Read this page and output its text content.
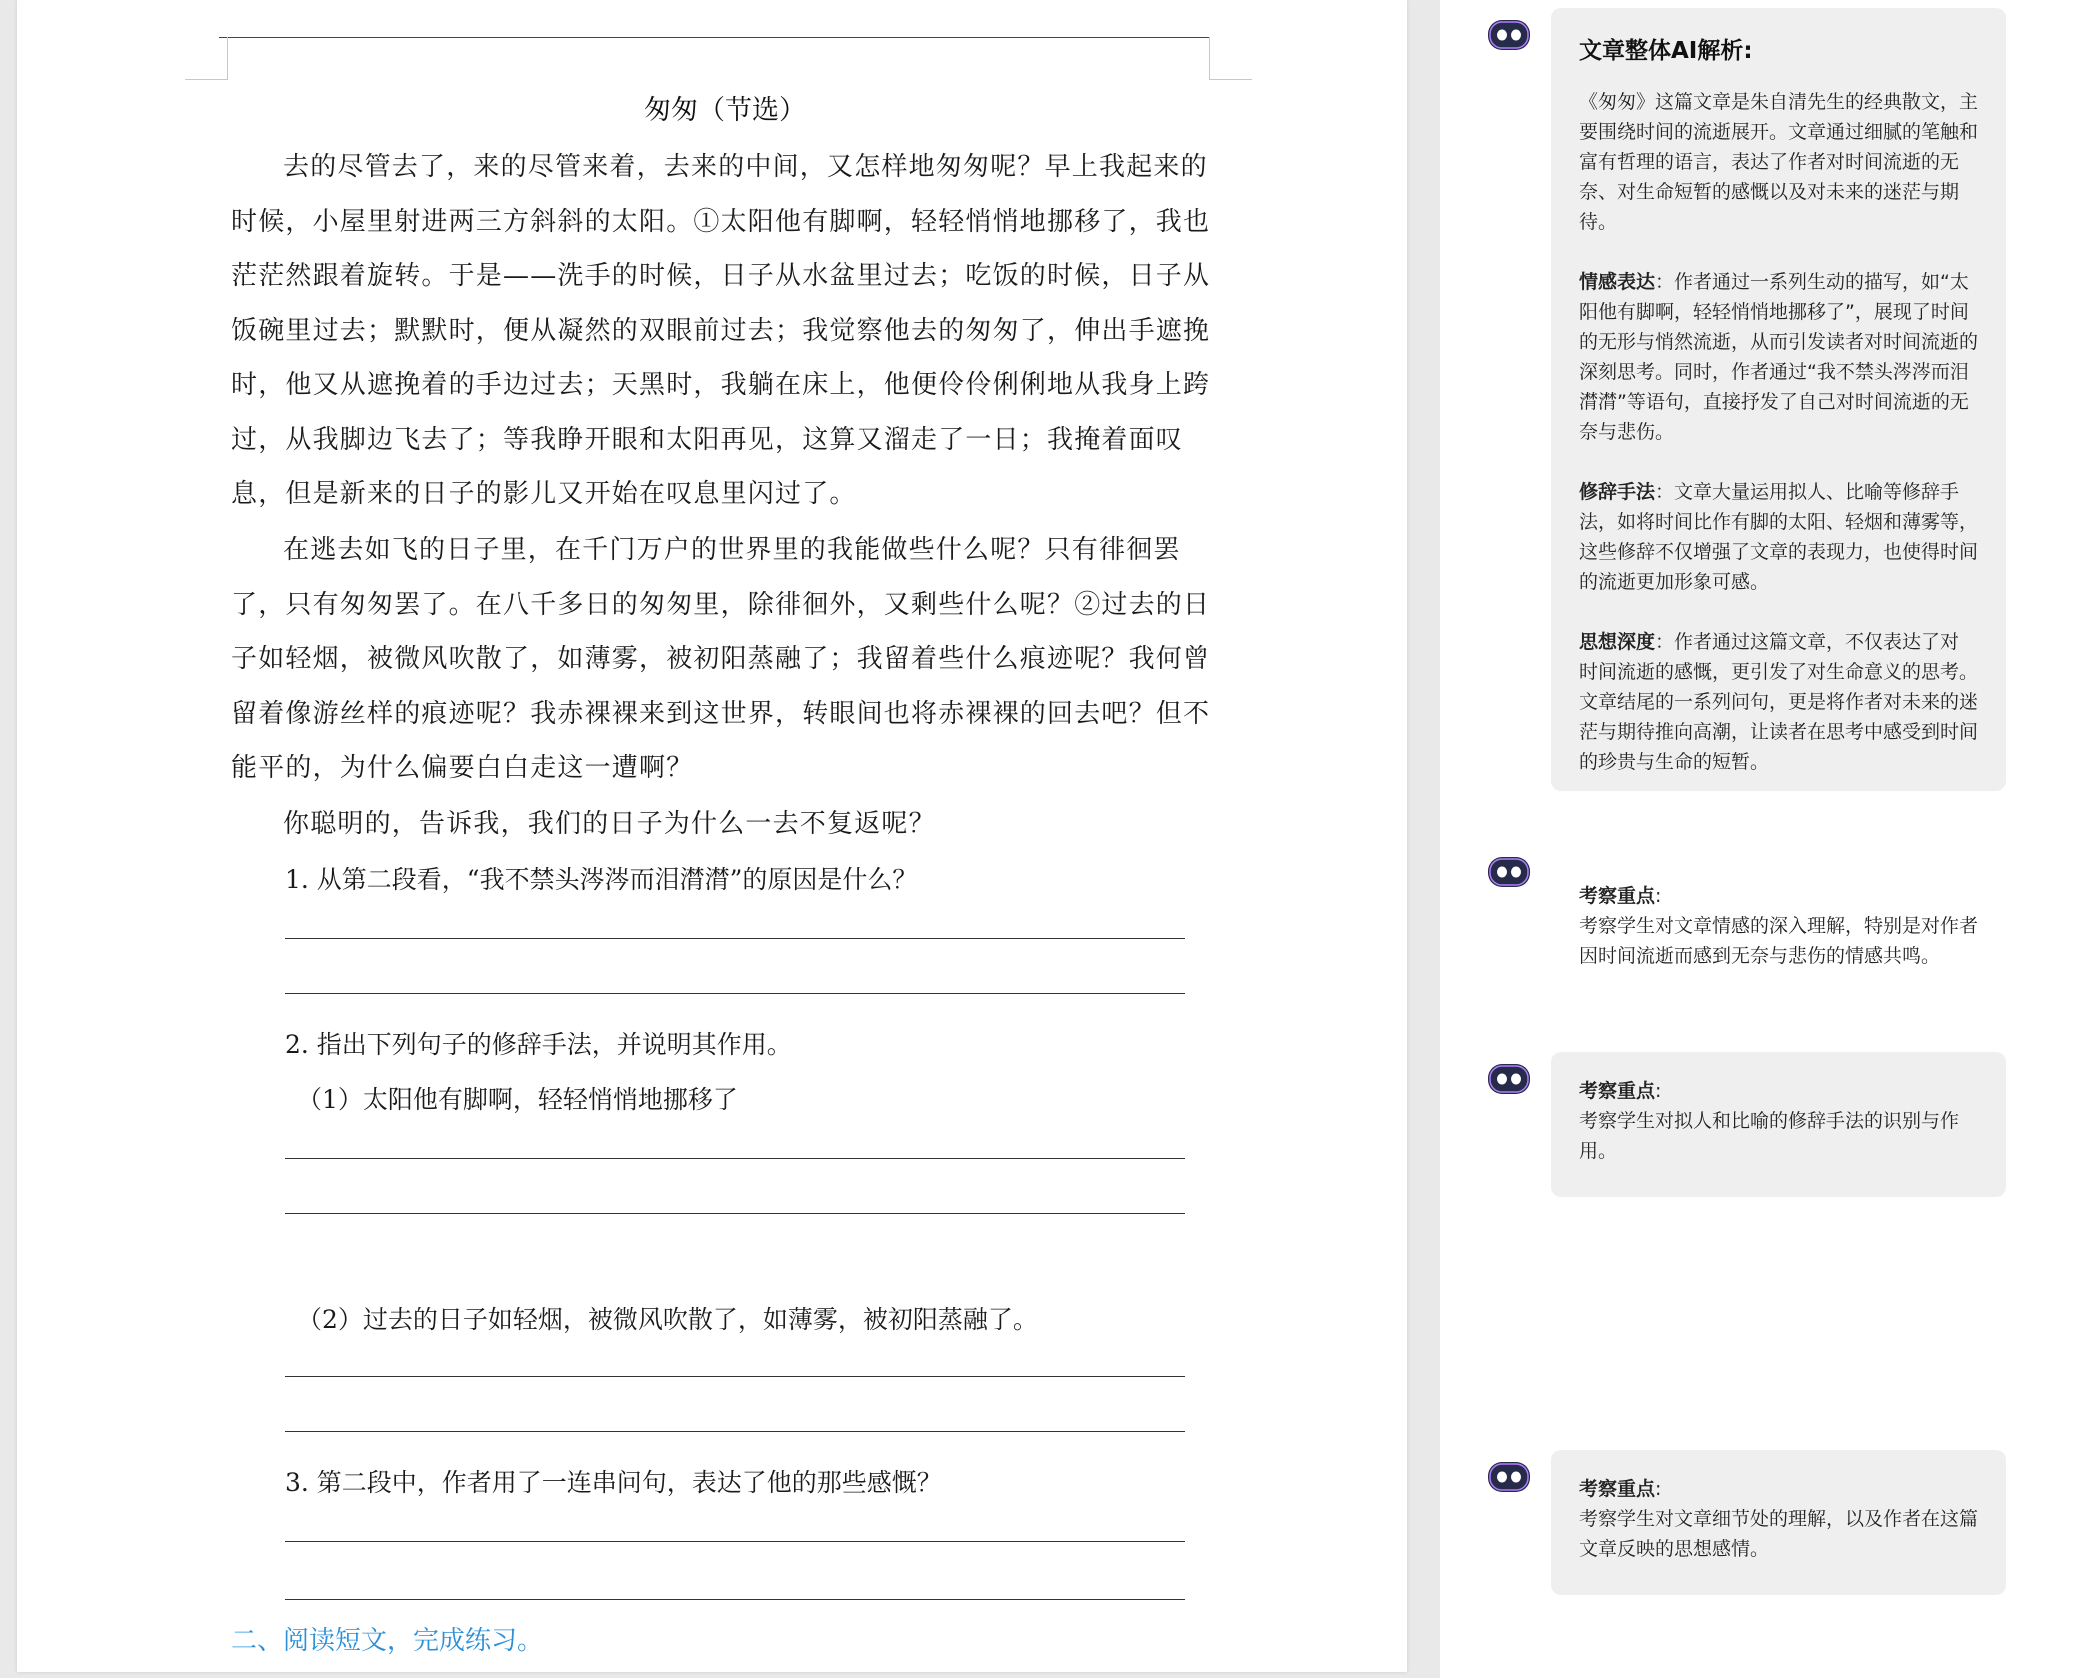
匆匆（节选）

去的尽管去了，来的尽管来着，去来的中间，又怎样地匆匆呢？早上我起来的时候，小屋里射进两三方斜斜的太阳。①太阳他有脚啊，轻轻悄悄地挪移了，我也茫茫然跟着旋转。于是——洗手的时候，日子从水盆里过去；吃饭的时候，日子从饭碗里过去；默默时，便从凝然的双眼前过去；我觉察他去的匆匆了，伸出手遮挽时，他又从遮挽着的手边过去；天黑时，我躺在床上，他便伶伶俐俐地从我身上跨过，从我脚边飞去了；等我睁开眼和太阳再见，这算又溜走了一日；我掩着面叹息，但是新来的日子的影儿又开始在叹息里闪过了。

在逃去如飞的日子里，在千门万户的世界里的我能做些什么呢？只有徘徊罢了，只有匆匆罢了。在八千多日的匆匆里，除徘徊外，又剩些什么呢？②过去的日子如轻烟，被微风吹散了，如薄雾，被初阳蒸融了；我留着些什么痕迹呢？我何曾留着像游丝样的痕迹呢？我赤裸裸来到这世界，转眼间也将赤裸裸的回去吧？但不能平的，为什么偏要白白走这一遭啊？

你聪明的，告诉我，我们的日子为什么一去不复返呢？

1. 从第二段看，“我不禁头涔涔而泪潸潸”的原因是什么？

2. 指出下列句子的修辞手法，并说明其作用。

（1）太阳他有脚啊，轻轻悄悄地挪移了

（2）过去的日子如轻烟，被微风吹散了，如薄雾，被初阳蒸融了。

3. 第二段中，作者用了一连串问句，表达了他的那些感慨？

二、阅读短文，完成练习。
文章整体AI解析:

《匆匆》这篇文章是朱自清先生的经典散文，主要围绕时间的流逝展开。文章通过细腻的笔触和富有哲理的语言，表达了作者对时间流逝的无奈、对生命短暂的感慨以及对未来的迷茫与期待。

情感表达：作者通过一系列生动的描写，如“太阳他有脚啊，轻轻悄悄地挪移了”，展现了时间的无形与悄然流逝，从而引发读者对时间流逝的深刻思考。同时，作者通过“我不禁头涔涔而泪潸潸”等语句，直接抒发了自己对时间流逝的无奈与悲伤。

修辞手法：文章大量运用拟人、比喻等修辞手法，如将时间比作有脚的太阳、轻烟和薄雾等，这些修辞不仅增强了文章的表现力，也使得时间的流逝更加形象可感。

思想深度：作者通过这篇文章，不仅表达了对时间流逝的感慨，更引发了对生命意义的思考。文章结尾的一系列问句，更是将作者对未来的迷茫与期待推向高潮，让读者在思考中感受到时间的珍贵与生命的短暂。

考察重点:

考察学生对文章情感的深入理解，特别是对作者因时间流逝而感到无奈与悲伤的情感共鸣。

考察重点:

考察学生对拟人和比喻的修辞手法的识别与作用。

考察重点:

考察学生对文章细节处的理解，以及作者在这篇文章反映的思想感情。
